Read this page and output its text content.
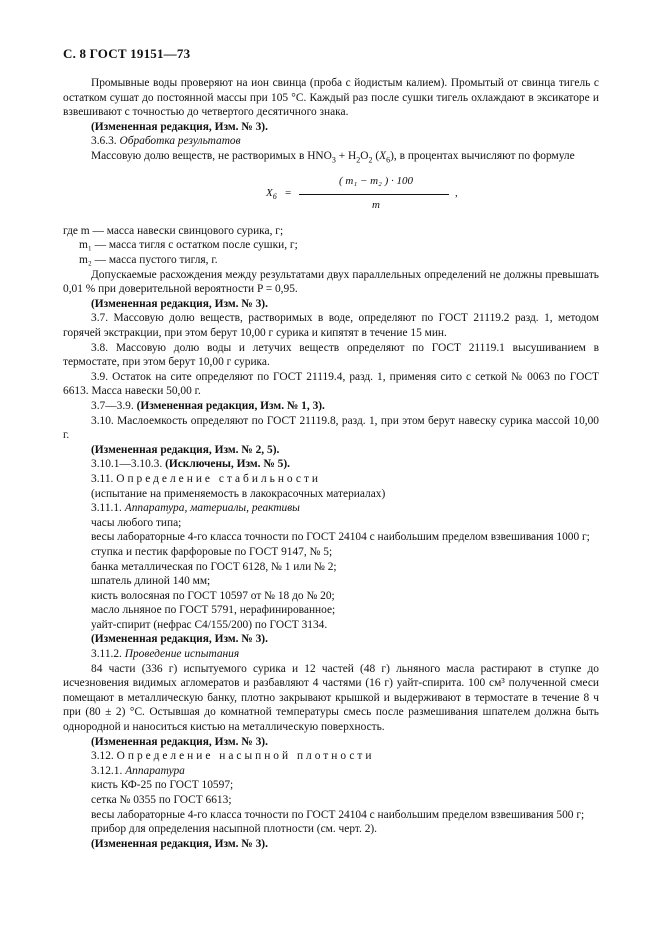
С. 8 ГОСТ 19151—73

Промывные воды проверяют на ион свинца (проба с йодистым калием). Промытый от свинца тигель с остатком сушат до постоянной массы при 105 °С. Каждый раз после сушки тигель охлаждают в эксикаторе и взвешивают с точностью до четвертого десятичного знака.

(Измененная редакция, Изм. № 3).

3.6.3. Обработка результатов

Массовую долю веществ, не растворимых в $HNO_3 + H_2O_2$ $(X_6)$, в процентах вычисляют по формуле

$X_6$ =
( m₁ − m₂ ) · 100
m
,

где m — масса навески свинцового сурика, г;

m₁ — масса тигля с остатком после сушки, г;

m₂ — масса пустого тигля, г.

Допускаемые расхождения между результатами двух параллельных определений не должны превышать 0,01 % при доверительной вероятности P = 0,95.

(Измененная редакция, Изм. № 3).

3.7. Массовую долю веществ, растворимых в воде, определяют по ГОСТ 21119.2 разд. 1, методом горячей экстракции, при этом берут 10,00 г сурика и кипятят в течение 15 мин.

3.8. Массовую долю воды и летучих веществ определяют по ГОСТ 21119.1 высушиванием в термостате, при этом берут 10,00 г сурика.

3.9. Остаток на сите определяют по ГОСТ 21119.4, разд. 1, применяя сито с сеткой № 0063 по ГОСТ 6613. Масса навески 50,00 г.

3.7—3.9. (Измененная редакция, Изм. № 1, 3).

3.10. Маслоемкость определяют по ГОСТ 21119.8, разд. 1, при этом берут навеску сурика массой 10,00 г.

(Измененная редакция, Изм. № 2, 5).

3.10.1—3.10.3. (Исключены, Изм. № 5).

3.11. Определение стабильности

(испытание на применяемость в лакокрасочных материалах)

3.11.1. Аппаратура, материалы, реактивы

часы любого типа;

весы лабораторные 4-го класса точности по ГОСТ 24104 с наибольшим пределом взвешивания 1000 г;

ступка и пестик фарфоровые по ГОСТ 9147, № 5;

банка металлическая по ГОСТ 6128, № 1 или № 2;

шпатель длиной 140 мм;

кисть волосяная по ГОСТ 10597 от № 18 до № 20;

масло льняное по ГОСТ 5791, нерафинированное;

уайт-спирит (нефрас С4/155/200) по ГОСТ 3134.

(Измененная редакция, Изм. № 3).

3.11.2. Проведение испытания

84 части (336 г) испытуемого сурика и 12 частей (48 г) льняного масла растирают в ступке до исчезновения видимых агломератов и разбавляют 4 частями (16 г) уайт-спирита. 100 см³ полученной смеси помещают в металлическую банку, плотно закрывают крышкой и выдерживают в термостате в течение 8 ч при (80 ± 2) °С. Остывшая до комнатной температуры смесь после размешивания шпателем должна быть однородной и наноситься кистью на металлическую поверхность.

(Измененная редакция, Изм. № 3).

3.12. Определение насыпной плотности

3.12.1. Аппаратура

кисть КФ-25 по ГОСТ 10597;

сетка № 0355 по ГОСТ 6613;

весы лабораторные 4-го класса точности по ГОСТ 24104 с наибольшим пределом взвешивания 500 г;

прибор для определения насыпной плотности (см. черт. 2).

(Измененная редакция, Изм. № 3).
